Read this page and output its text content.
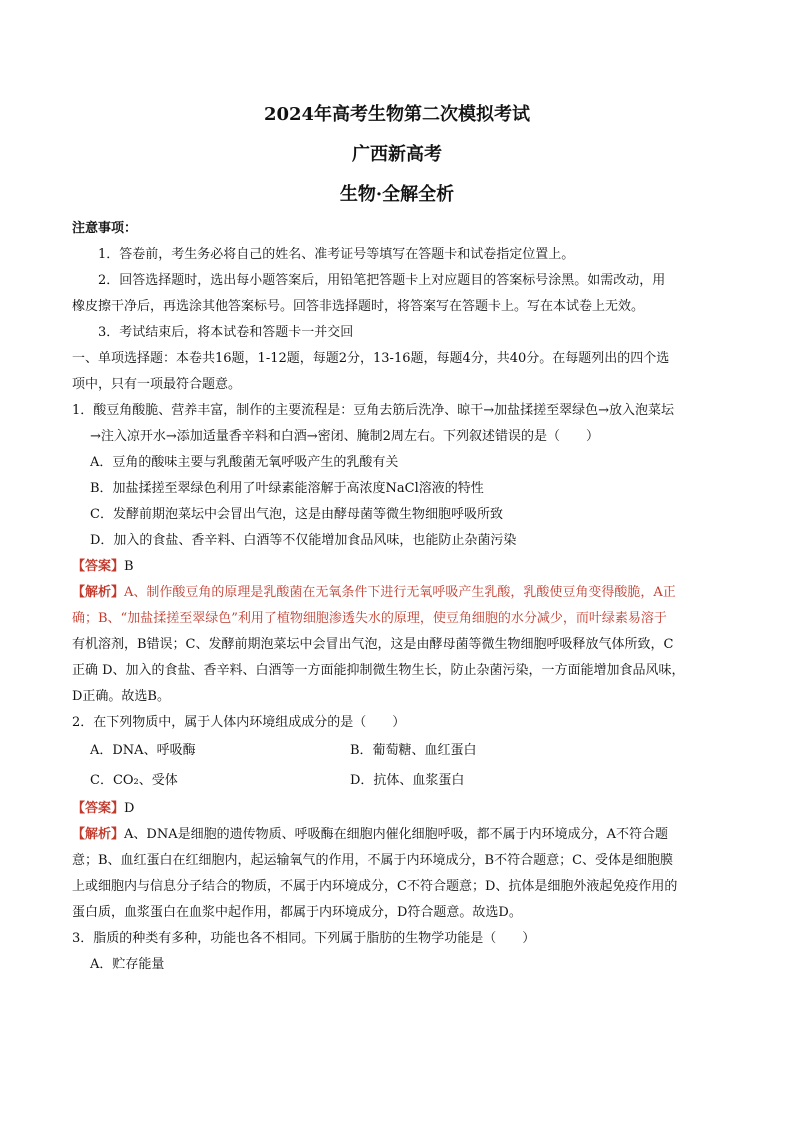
2024年高考生物第二次模拟考试
广西新高考
生物·全解全析

注意事项：

1．答卷前，考生务必将自己的姓名、准考证号等填写在答题卡和试卷指定位置上。

2．回答选择题时，选出每小题答案后，用铅笔把答题卡上对应题目的答案标号涂黑。如需改动，用

橡皮擦干净后，再选涂其他答案标号。回答非选择题时，将答案写在答题卡上。写在本试卷上无效。

3．考试结束后，将本试卷和答题卡一并交回

一、单项选择题：本卷共16题，1-12题，每题2分，13-16题，每题4分，共40分。在每题列出的四个选

项中，只有一项最符合题意。

1．酸豆角酸脆、营养丰富，制作的主要流程是：豆角去筋后洗净、晾干→加盐揉搓至翠绿色→放入泡菜坛

→注入凉开水→添加适量香辛料和白酒→密闭、腌制2周左右。下列叙述错误的是（　　）

A．豆角的酸味主要与乳酸菌无氧呼吸产生的乳酸有关

B．加盐揉搓至翠绿色利用了叶绿素能溶解于高浓度NaCl溶液的特性

C．发酵前期泡菜坛中会冒出气泡，这是由酵母菌等微生物细胞呼吸所致

D．加入的食盐、香辛料、白酒等不仅能增加食品风味，也能防止杂菌污染

【答案】B

【解析】A、制作酸豆角的原理是乳酸菌在无氧条件下进行无氧呼吸产生乳酸，乳酸使豆角变得酸脆，A正

确；B、“加盐揉搓至翠绿色”利用了植物细胞渗透失水的原理，使豆角细胞的水分减少，而叶绿素易溶于

有机溶剂，B错误；C、发酵前期泡菜坛中会冒出气泡，这是由酵母菌等微生物细胞呼吸释放气体所致，C

正确 D、加入的食盐、香辛料、白酒等一方面能抑制微生物生长，防止杂菌污染，一方面能增加食品风味，

D正确。故选B。

2．在下列物质中，属于人体内环境组成成分的是（　　）

A．DNA、呼吸酶	B．葡萄糖、血红蛋白
C．CO₂、受体	D．抗体、血浆蛋白

【答案】D

【解析】A、DNA是细胞的遗传物质、呼吸酶在细胞内催化细胞呼吸，都不属于内环境成分，A不符合题

意；B、血红蛋白在红细胞内，起运输氧气的作用，不属于内环境成分，B不符合题意；C、受体是细胞膜

上或细胞内与信息分子结合的物质，不属于内环境成分，C不符合题意；D、抗体是细胞外液起免疫作用的

蛋白质，血浆蛋白在血浆中起作用，都属于内环境成分，D符合题意。故选D。

3．脂质的种类有多种，功能也各不相同。下列属于脂肪的生物学功能是（　　）

A．贮存能量
